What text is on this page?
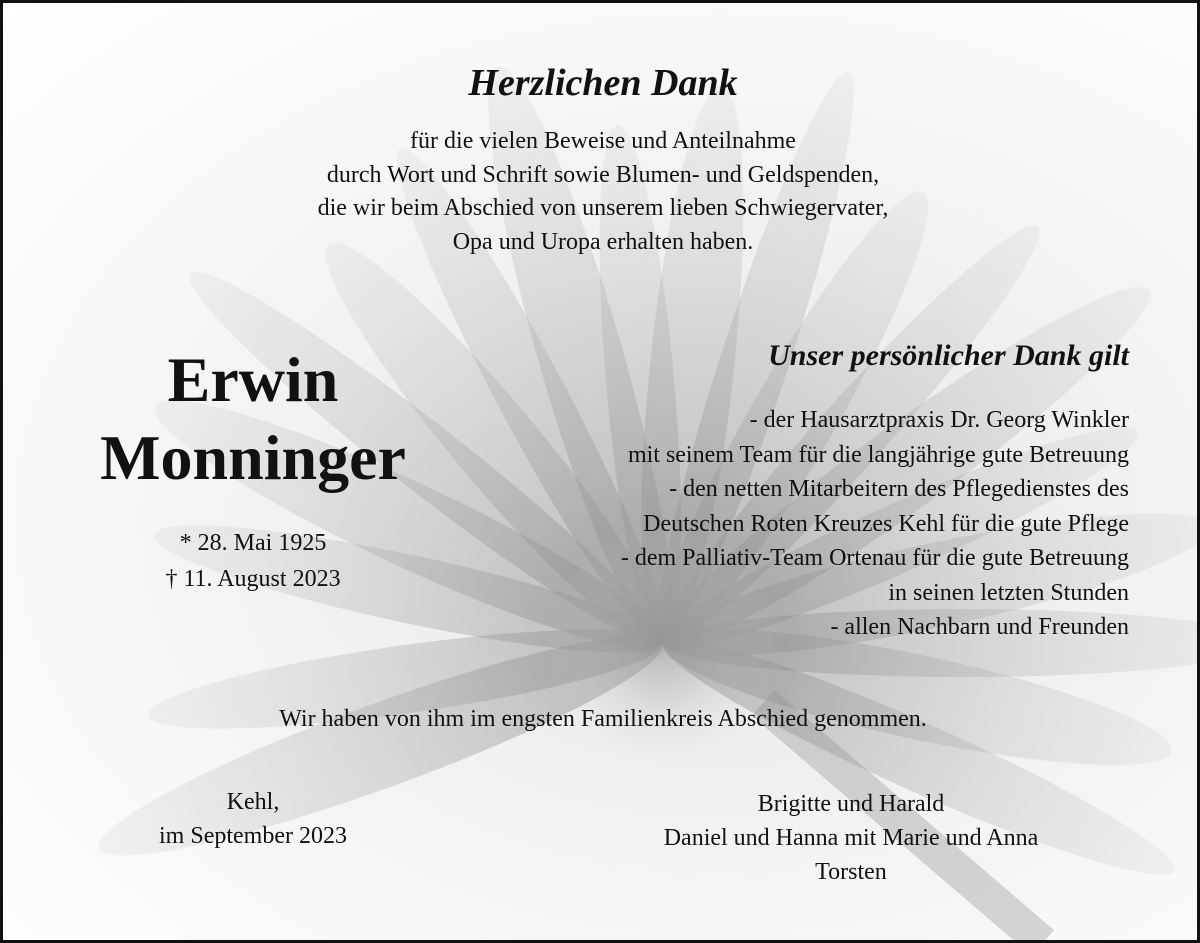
Herzlichen Dank
für die vielen Beweise und Anteilnahme
durch Wort und Schrift sowie Blumen- und Geldspenden,
die wir beim Abschied von unserem lieben Schwiegervater,
Opa und Uropa erhalten haben.
Erwin
Monninger
* 28. Mai 1925
† 11. August 2023
Unser persönlicher Dank gilt
- der Hausarztpraxis Dr. Georg Winkler
mit seinem Team für die langjährige gute Betreuung
- den netten Mitarbeitern des Pflegedienstes des
Deutschen Roten Kreuzes Kehl für die gute Pflege
- dem Palliativ-Team Ortenau für die gute Betreuung
in seinen letzten Stunden
- allen Nachbarn und Freunden
Wir haben von ihm im engsten Familienkreis Abschied genommen.
Kehl,
im September 2023
Brigitte und Harald
Daniel und Hanna mit Marie und Anna
Torsten
